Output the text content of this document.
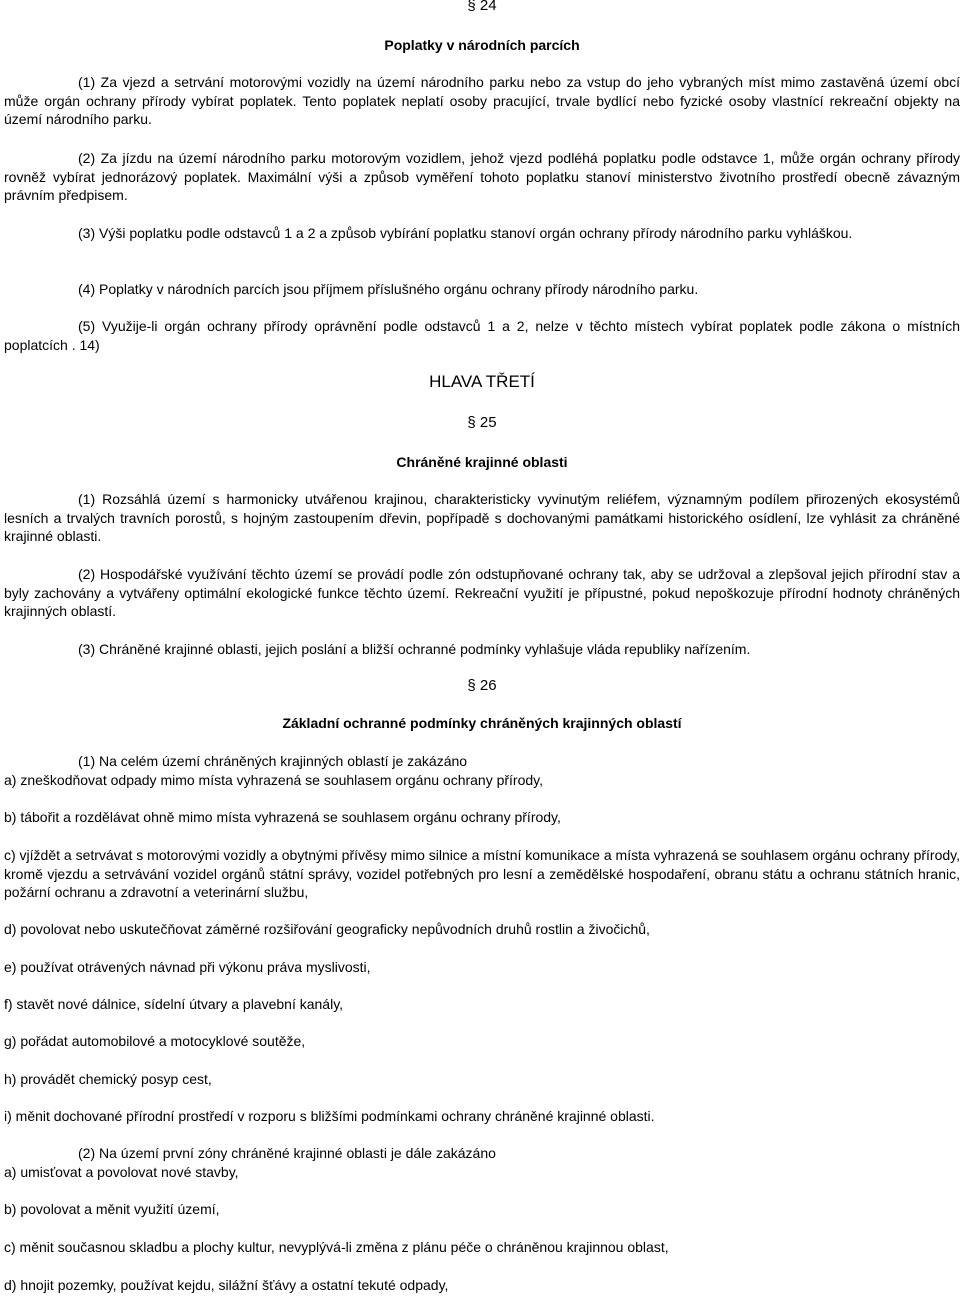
§ 24
Poplatky v národních parcích

(1) Za vjezd a setrvání motorovými vozidly na území národního parku nebo za vstup do jeho vybraných míst mimo zastavěná území obcí může orgán ochrany přírody vybírat poplatek. Tento poplatek neplatí osoby pracující, trvale bydlící nebo fyzické osoby vlastnící rekreační objekty na území národního parku.

(2) Za jízdu na území národního parku motorovým vozidlem, jehož vjezd podléhá poplatku podle odstavce 1, může orgán ochrany přírody rovněž vybírat jednorázový poplatek. Maximální výši a způsob vyměření tohoto poplatku stanoví ministerstvo životního prostředí obecně závazným právním předpisem.

(3) Výši poplatku podle odstavců 1 a 2 a způsob vybírání poplatku stanoví orgán ochrany přírody národního parku vyhláškou.

(4) Poplatky v národních parcích jsou příjmem příslušného orgánu ochrany přírody národního parku.

(5) Využije-li orgán ochrany přírody oprávnění podle odstavců 1 a 2, nelze v těchto místech vybírat poplatek podle zákona o místních poplatcích . 14)

HLAVA TŘETÍ
§ 25
Chráněné krajinné oblasti

(1) Rozsáhlá území s harmonicky utvářenou krajinou, charakteristicky vyvinutým reliéfem, významným podílem přirozených ekosystémů lesních a trvalých travních porostů, s hojným zastoupením dřevin, popřípadě s dochovanými památkami historického osídlení, lze vyhlásit za chráněné krajinné oblasti.

(2) Hospodářské využívání těchto území se provádí podle zón odstupňované ochrany tak, aby se udržoval a zlepšoval jejich přírodní stav a byly zachovány a vytvářeny optimální ekologické funkce těchto území. Rekreační využití je přípustné, pokud nepoškozuje přírodní hodnoty chráněných krajinných oblastí.

(3) Chráněné krajinné oblasti, jejich poslání a bližší ochranné podmínky vyhlašuje vláda republiky nařízením.

§ 26
Základní ochranné podmínky chráněných krajinných oblastí

(1) Na celém území chráněných krajinných oblastí je zakázáno

a) zneškodňovat odpady mimo místa vyhrazená se souhlasem orgánu ochrany přírody,

b) tábořit a rozdělávat ohně mimo místa vyhrazená se souhlasem orgánu ochrany přírody,

c) vjíždět a setrvávat s motorovými vozidly a obytnými přívěsy mimo silnice a místní komunikace a místa vyhrazená se souhlasem orgánu ochrany přírody, kromě vjezdu a setrvávání vozidel orgánů státní správy, vozidel potřebných pro lesní a zemědělské hospodaření, obranu státu a ochranu státních hranic, požární ochranu a zdravotní a veterinární službu,

d) povolovat nebo uskutečňovat záměrné rozšiřování geograficky nepůvodních druhů rostlin a živočichů,

e) používat otrávených návnad při výkonu práva myslivosti,

f) stavět nové dálnice, sídelní útvary a plavební kanály,

g) pořádat automobilové a motocyklové soutěže,

h) provádět chemický posyp cest,

i) měnit dochované přírodní prostředí v rozporu s bližšími podmínkami ochrany chráněné krajinné oblasti.

(2) Na území první zóny chráněné krajinné oblasti je dále zakázáno

a) umisťovat a povolovat nové stavby,

b) povolovat a měnit využití území,

c) měnit současnou skladbu a plochy kultur, nevyplývá-li změna z plánu péče o chráněnou krajinnou oblast,

d) hnojit pozemky, používat kejdu, silážní šťávy a ostatní tekuté odpady,
